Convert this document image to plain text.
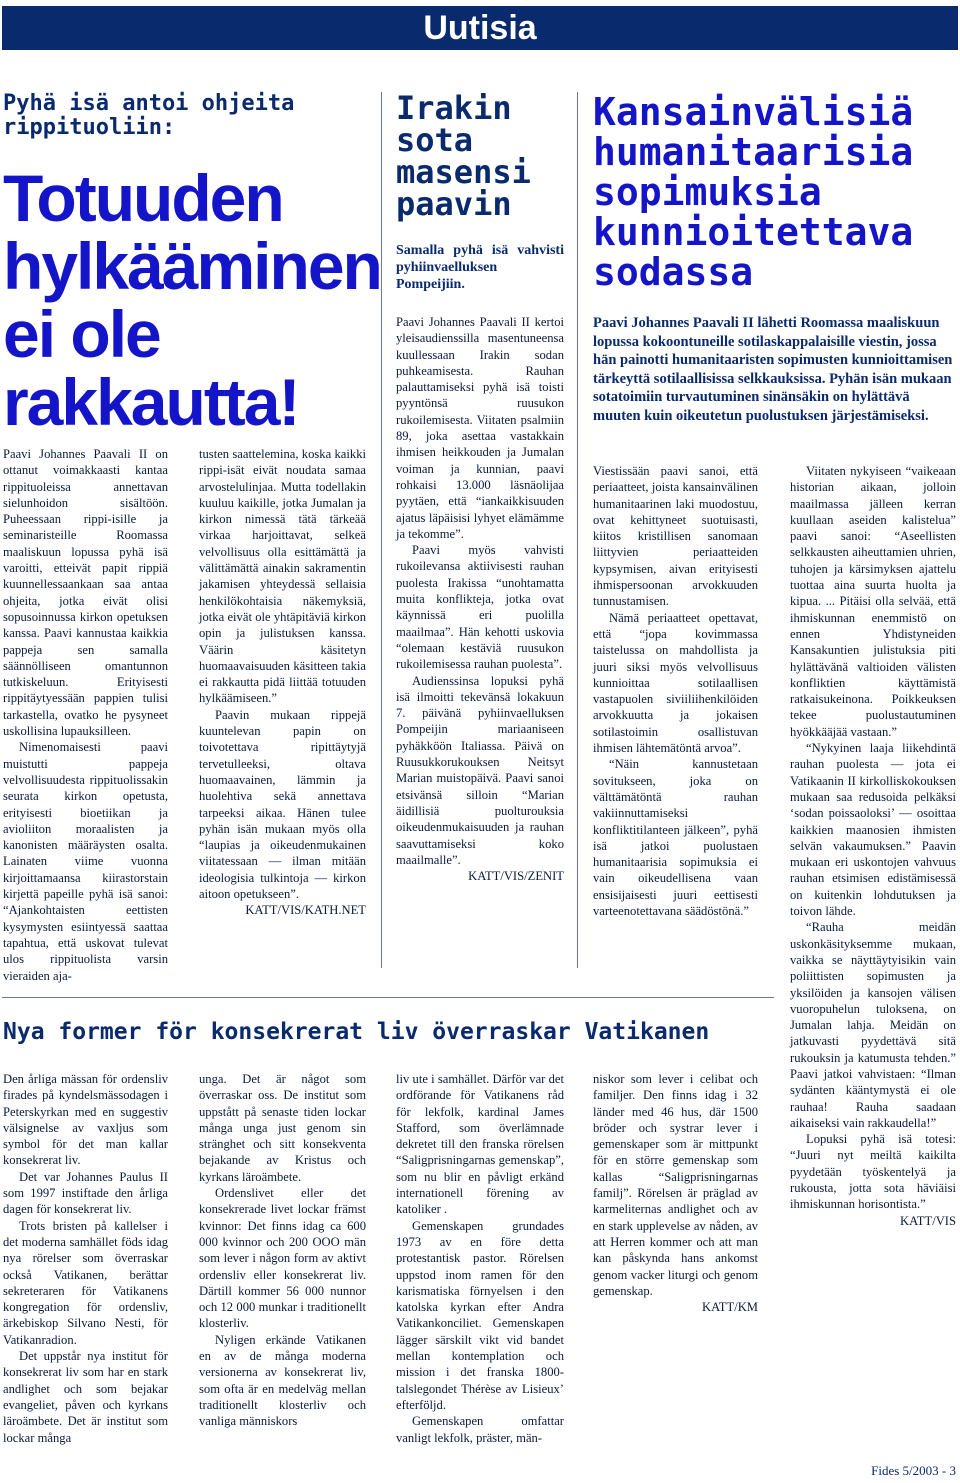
Uutisia
Pyhä isä antoi ohjeita rippituoliin:
Totuuden hylkääminen ei ole rakkautta!

Paavi Johannes Paavali II on ottanut voimakkaasti kantaa rippituoleissa annettavan sielunhoidon sisältöön. Puheessaan rippi-isille ja seminaristeille Roomassa maaliskuun lopussa pyhä isä varoitti, etteivät papit rippiä kuunnellessaankaan saa antaa ohjeita, jotka eivät olisi sopusoinnussa kirkon opetuksen kanssa. Paavi kannustaa kaikkia pappeja sen samalla säännölliseen omantunnon tutkiskeluun. Erityisesti rippitäytyessään pappien tulisi tarkastella, ovatko he pysyneet uskollisina lupauksilleen.

Nimenomaisesti paavi muistutti pappeja velvollisuudesta rippituolissakin seurata kirkon opetusta, erityisesti bioetiikan ja avioliiton moraalisten ja kanonisten määräysten osalta. Lainaten viime vuonna kirjoittamaansa kiirastorstain kirjettä papeille pyhä isä sanoi: “Ajankohtaisten eettisten kysymysten esiintyessä saattaa tapahtua, että uskovat tulevat ulos rippituolista varsin vieraiden aja-

tusten saattelemina, koska kaikki rippi-isät eivät noudata samaa arvostelulinjaa. Mutta todellakin kuuluu kaikille, jotka Jumalan ja kirkon nimessä tätä tärkeää virkaa harjoittavat, selkeä velvollisuus olla esittämättä ja välittämättä ainakin sakramentin jakamisen yhteydessä sellaisia henkilökohtaisia näkemyksiä, jotka eivät ole yhtäpitäviä kirkon opin ja julistuksen kanssa. Väärin käsitetyn huomaavaisuuden käsitteen takia ei rakkautta pidä liittää totuuden hylkäämiseen.”

Paavin mukaan rippejä kuuntelevan papin on toivotettava ripittäytyjä tervetulleeksi, oltava huomaavainen, lämmin ja huolehtiva sekä annettava tarpeeksi aikaa. Hänen tulee pyhän isän mukaan myös olla “laupias ja oikeudenmukainen viitatessaan — ilman mitään ideologisia tulkintoja — kirkon aitoon opetukseen”.

KATT/VIS/KATH.NET
Irakin sota masensi paavin
Samalla pyhä isä vahvisti pyhiinvaelluksen Pompeijiin.

Paavi Johannes Paavali II kertoi yleisaudienssilla masentuneensa kuullessaan Irakin sodan puhkeamisesta. Rauhan palauttamiseksi pyhä isä toisti pyyntönsä ruusukon rukoilemisesta. Viitaten psalmiin 89, joka asettaa vastakkain ihmisen heikkouden ja Jumalan voiman ja kunnian, paavi rohkaisi 13.000 läsnäolijaa pyytäen, että “iankaikkisuuden ajatus läpäisisi lyhyet elämämme ja tekomme”.

Paavi myös vahvisti rukoilevansa aktiivisesti rauhan puolesta Irakissa “unohtamatta muita konflikteja, jotka ovat käynnissä eri puolilla maailmaa”. Hän kehotti uskovia “olemaan kestäviä ruusukon rukoilemisessa rauhan puolesta”.

Audienssinsa lopuksi pyhä isä ilmoitti tekevänsä lokakuun 7. päivänä pyhiinvaelluksen Pompeijin mariaaniseen pyhäkköön Italiassa. Päivä on Ruusukkorukouksen Neitsyt Marian muistopäivä. Paavi sanoi etsivänsä silloin “Marian äidillisiä puolturouksia oikeudenmukaisuuden ja rauhan saavuttamiseksi koko maailmalle”.

KATT/VIS/ZENIT
Kansainvälisiä humanitaarisia sopimuksia kunnioitettava sodassa
Paavi Johannes Paavali II lähetti Roomassa maaliskuun lopussa kokoontuneille sotilaskappalaisille viestin, jossa hän painotti humanitaaristen sopimusten kunnioittamisen tärkeyttä sotilaallisissa selkkauksissa. Pyhän isän mukaan sotatoimiin turvautuminen sinänsäkin on hylättävä muuten kuin oikeutetun puolustuksen järjestämiseksi.

Viestissään paavi sanoi, että periaatteet, joista kansainvälinen humanitaarinen laki muodostuu, ovat kehittyneet suotuisasti, kiitos kristillisen sanomaan liittyvien periaatteiden kypsymisen, aivan erityisesti ihmispersoonan arvokkuuden tunnustamisen.

Nämä periaatteet opettavat, että “jopa kovimmassa taistelussa on mahdollista ja juuri siksi myös velvollisuus kunnioittaa sotilaallisen vastapuolen siviiliihenkilöiden arvokkuutta ja jokaisen sotilastoimin osallistuvan ihmisen lähtemätöntä arvoa”.

“Näin kannustetaan sovitukseen, joka on välttämätöntä rauhan vakiinnuttamiseksi konfliktitilanteen jälkeen”, pyhä isä jatkoi puolustaen humanitaarisia sopimuksia ei vain oikeudellisena vaan ensisijaisesti juuri eettisesti varteenotettavana säädöstönä.”

Viitaten nykyiseen “vaikeaan historian aikaan, jolloin maailmassa jälleen kerran kuullaan aseiden kalistelua” paavi sanoi: “Aseellisten selkkausten aiheuttamien uhrien, tuhojen ja kärsimyksen ajattelu tuottaa aina suurta huolta ja kipua. ... Pitäisi olla selvää, että ihmiskunnan enemmistö on ennen Yhdistyneiden Kansakuntien julistuksia piti hylättävänä valtioiden välisten konfliktien käyttämistä ratkaisukeinona. Poikkeuksen tekee puolustautuminen hyökkääjää vastaan.”

“Nykyinen laaja liikehdintä rauhan puolesta — jota ei Vatikaanin II kirkolliskokouksen mukaan saa redusoida pelkäksi ‘sodan poissaoloksi’ — osoittaa kaikkien maanosien ihmisten selvän vakaumuksen.” Paavin mukaan eri uskontojen vahvuus rauhan etsimisen edistämisessä on kuitenkin lohdutuksen ja toivon lähde.

“Rauha meidän uskonkäsityksemme mukaan, vaikka se näyttäytyisikin vain poliittisten sopimusten ja yksilöiden ja kansojen välisen vuoropuhelun tuloksena, on Jumalan lahja. Meidän on jatkuvasti pyydettävä sitä rukouksin ja katumusta tehden.” Paavi jatkoi vahvistaen: “Ilman sydänten kääntymystä ei ole rauhaa! Rauha saadaan aikaiseksi vain rakkaudella!”

Lopuksi pyhä isä totesi: “Juuri nyt meiltä kaikilta pyydetään työskentelyä ja rukousta, jotta sota häviäisi ihmiskunnan horisontista.”

KATT/VIS
Nya former för konsekrerat liv överraskar Vatikanen

Den årliga mässan för ordensliv firades på kyndelsmässodagen i Peterskyrkan med en suggestiv välsignelse av vaxljus som symbol för det man kallar konsekrerat liv.

Det var Johannes Paulus II som 1997 instiftade den årliga dagen för konsekrerat liv.

Trots bristen på kallelser i det moderna samhället föds idag nya rörelser som överraskar också Vatikanen, berättar sekreteraren för Vatikanens kongregation för ordensliv, ärkebiskop Silvano Nesti, för Vatikanradion.

Det uppstår nya institut för konsekrerat liv som har en stark andlighet och som bejakar evangeliet, påven och kyrkans läroämbete. Det är institut som lockar många

unga. Det är något som överraskar oss. De institut som uppstått på senaste tiden lockar många unga just genom sin stränghet och sitt konsekventa bejakande av Kristus och kyrkans läroämbete.

Ordenslivet eller det konsekrerade livet lockar främst kvinnor: Det finns idag ca 600 000 kvinnor och 200 OOO män som lever i någon form av aktivt ordensliv eller konsekrerat liv. Därtill kommer 56 000 nunnor och 12 000 munkar i traditionellt klosterliv.

Nyligen erkände Vatikanen en av de många moderna versionerna av konsekrerat liv, som ofta är en medelväg mellan traditionellt klosterliv och vanliga människors

liv ute i samhället. Därför var det ordförande för Vatikanens råd för lekfolk, kardinal James Stafford, som överlämnade dekretet till den franska rörelsen “Saligprisningarnas gemenskap”, som nu blir en påvligt erkänd internationell förening av katoliker .

Gemenskapen grundades 1973 av en före detta protestantisk pastor. Rörelsen uppstod inom ramen för den karismatiska förnyelsen i den katolska kyrkan efter Andra Vatikankonciliet. Gemenskapen lägger särskilt vikt vid bandet mellan kontemplation och mission i det franska 1800-talslegondet Thérèse av Lisieux’ efterföljd.

Gemenskapen omfattar vanligt lekfolk, präster, män-

niskor som lever i celibat och familjer. Den finns idag i 32 länder med 46 hus, där 1500 bröder och systrar lever i gemenskaper som är mittpunkt för en större gemenskap som kallas “Saligprisningarnas familj”. Rörelsen är präglad av karmeliternas andlighet och av en stark upplevelse av nåden, av att Herren kommer och att man kan påskynda hans ankomst genom vacker liturgi och genom gemenskap.

KATT/KM
Fides 5/2003 - 3
